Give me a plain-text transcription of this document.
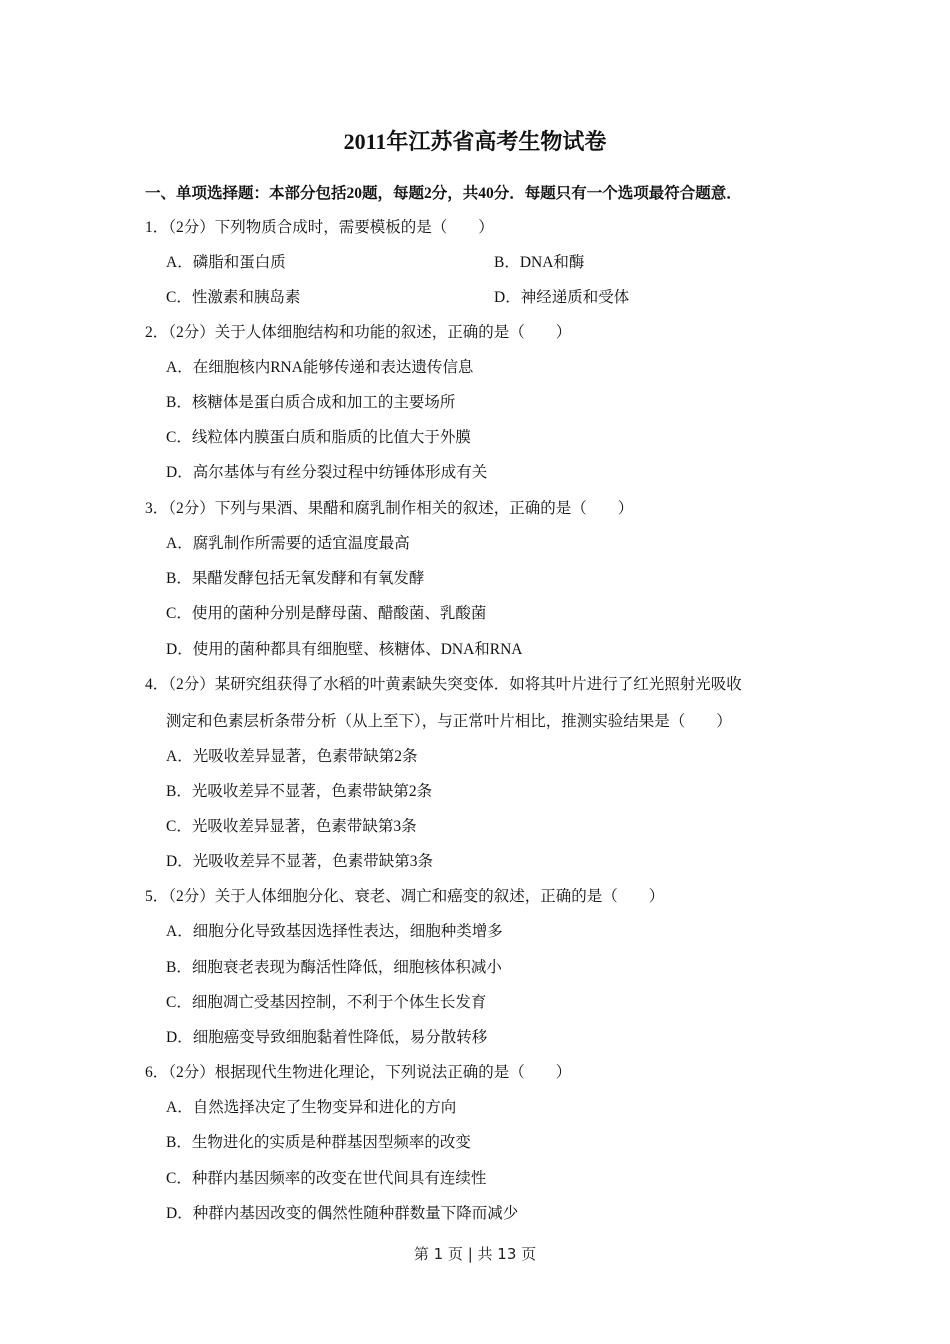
2011年江苏省高考生物试卷
一、单项选择题：本部分包括20题，每题2分，共40分．每题只有一个选项最符合题意．
1．（2分）下列物质合成时，需要模板的是（　　）
A．磷脂和蛋白质	B．DNA和酶
C．性激素和胰岛素	D．神经递质和受体
2．（2分）关于人体细胞结构和功能的叙述，正确的是（　　）
A．在细胞核内RNA能够传递和表达遗传信息
B．核糖体是蛋白质合成和加工的主要场所
C．线粒体内膜蛋白质和脂质的比值大于外膜
D．高尔基体与有丝分裂过程中纺锤体形成有关
3．（2分）下列与果酒、果醋和腐乳制作相关的叙述，正确的是（　　）
A．腐乳制作所需要的适宜温度最高
B．果醋发酵包括无氧发酵和有氧发酵
C．使用的菌种分别是酵母菌、醋酸菌、乳酸菌
D．使用的菌种都具有细胞壁、核糖体、DNA和RNA
4．（2分）某研究组获得了水稻的叶黄素缺失突变体．如将其叶片进行了红光照射光吸收
测定和色素层析条带分析（从上至下），与正常叶片相比，推测实验结果是（　　）
A．光吸收差异显著，色素带缺第2条
B．光吸收差异不显著，色素带缺第2条
C．光吸收差异显著，色素带缺第3条
D．光吸收差异不显著，色素带缺第3条
5．（2分）关于人体细胞分化、衰老、凋亡和癌变的叙述，正确的是（　　）
A．细胞分化导致基因选择性表达，细胞种类增多
B．细胞衰老表现为酶活性降低，细胞核体积减小
C．细胞凋亡受基因控制，不利于个体生长发育
D．细胞癌变导致细胞黏着性降低，易分散转移
6．（2分）根据现代生物进化理论，下列说法正确的是（　　）
A．自然选择决定了生物变异和进化的方向
B．生物进化的实质是种群基因型频率的改变
C．种群内基因频率的改变在世代间具有连续性
D．种群内基因改变的偶然性随种群数量下降而减少
第 1 页 | 共 13 页
